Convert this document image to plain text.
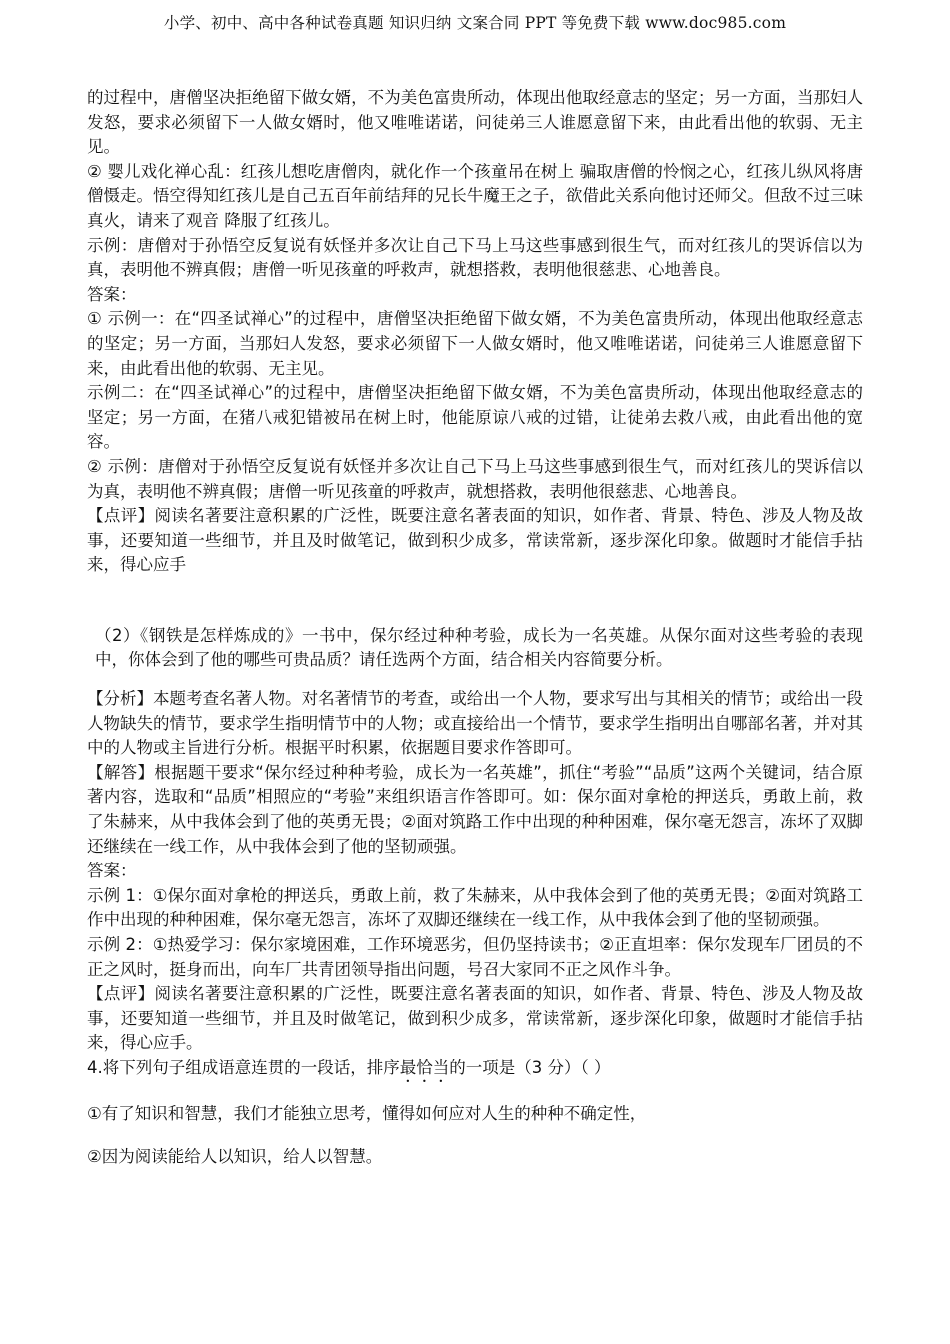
小学、初中、高中各种试卷真题 知识归纳 文案合同 PPT 等免费下载 www.doc985.com

的过程中，唐僧坚决拒绝留下做女婿，不为美色富贵所动，体现出他取经意志的坚定；另一方面，当那妇人发怒，要求必须留下一人做女婿时，他又唯唯诺诺，问徒弟三人谁愿意留下来，由此看出他的软弱、无主见。

② 婴儿戏化禅心乱：红孩儿想吃唐僧肉，就化作一个孩童吊在树上 骗取唐僧的怜悯之心，红孩儿纵风将唐僧慑走。悟空得知红孩儿是自己五百年前结拜的兄长牛魔王之子，欲借此关系向他讨还师父。但敌不过三味真火，请来了观音 降服了红孩儿。

示例：唐僧对于孙悟空反复说有妖怪并多次让自己下马上马这些事感到很生气，而对红孩儿的哭诉信以为真，表明他不辨真假；唐僧一听见孩童的呼救声，就想搭救，表明他很慈悲、心地善良。

答案：

① 示例一：在“四圣试禅心”的过程中，唐僧坚决拒绝留下做女婿，不为美色富贵所动，体现出他取经意志的坚定；另一方面，当那妇人发怒，要求必须留下一人做女婿时，他又唯唯诺诺，问徒弟三人谁愿意留下来，由此看出他的软弱、无主见。

示例二：在“四圣试禅心”的过程中，唐僧坚决拒绝留下做女婿，不为美色富贵所动，体现出他取经意志的坚定；另一方面，在猪八戒犯错被吊在树上时，他能原谅八戒的过错，让徒弟去救八戒，由此看出他的宽容。

② 示例：唐僧对于孙悟空反复说有妖怪并多次让自己下马上马这些事感到很生气，而对红孩儿的哭诉信以为真，表明他不辨真假；唐僧一听见孩童的呼救声，就想搭救，表明他很慈悲、心地善良。

【点评】阅读名著要注意积累的广泛性，既要注意名著表面的知识，如作者、背景、特色、涉及人物及故事，还要知道一些细节，并且及时做笔记，做到积少成多，常读常新，逐步深化印象。做题时才能信手拈来，得心应手

（2）《钢铁是怎样炼成的》一书中，保尔经过种种考验，成长为一名英雄。从保尔面对这些考验的表现中，你体会到了他的哪些可贵品质？请任选两个方面，结合相关内容简要分析。

【分析】本题考查名著人物。对名著情节的考查，或给出一个人物，要求写出与其相关的情节；或给出一段人物缺失的情节，要求学生指明情节中的人物；或直接给出一个情节，要求学生指明出自哪部名著，并对其中的人物或主旨进行分析。根据平时积累，依据题目要求作答即可。

【解答】根据题干要求“保尔经过种种考验，成长为一名英雄”，抓住“考验”“品质”这两个关键词，结合原著内容，选取和“品质”相照应的“考验”来组织语言作答即可。如：保尔面对拿枪的押送兵，勇敢上前，救了朱赫来，从中我体会到了他的英勇无畏；②面对筑路工作中出现的种种困难，保尔毫无怨言，冻坏了双脚还继续在一线工作，从中我体会到了他的坚韧顽强。

答案：

示例 1：①保尔面对拿枪的押送兵，勇敢上前，救了朱赫来，从中我体会到了他的英勇无畏；②面对筑路工作中出现的种种困难，保尔毫无怨言，冻坏了双脚还继续在一线工作，从中我体会到了他的坚韧顽强。

示例 2：①热爱学习：保尔家境困难，工作环境恶劣，但仍坚持读书；②正直坦率：保尔发现车厂团员的不正之风时，挺身而出，向车厂共青团领导指出问题，号召大家同不正之风作斗争。

【点评】阅读名著要注意积累的广泛性，既要注意名著表面的知识，如作者、背景、特色、涉及人物及故事，还要知道一些细节，并且及时做笔记，做到积少成多，常读常新，逐步深化印象，做题时才能信手拈来，得心应手。

4.将下列句子组成语意连贯的一段话，排序最恰当的一项是（3 分）（ ）

①有了知识和智慧，我们才能独立思考，懂得如何应对人生的种种不确定性，

②因为阅读能给人以知识，给人以智慧。
